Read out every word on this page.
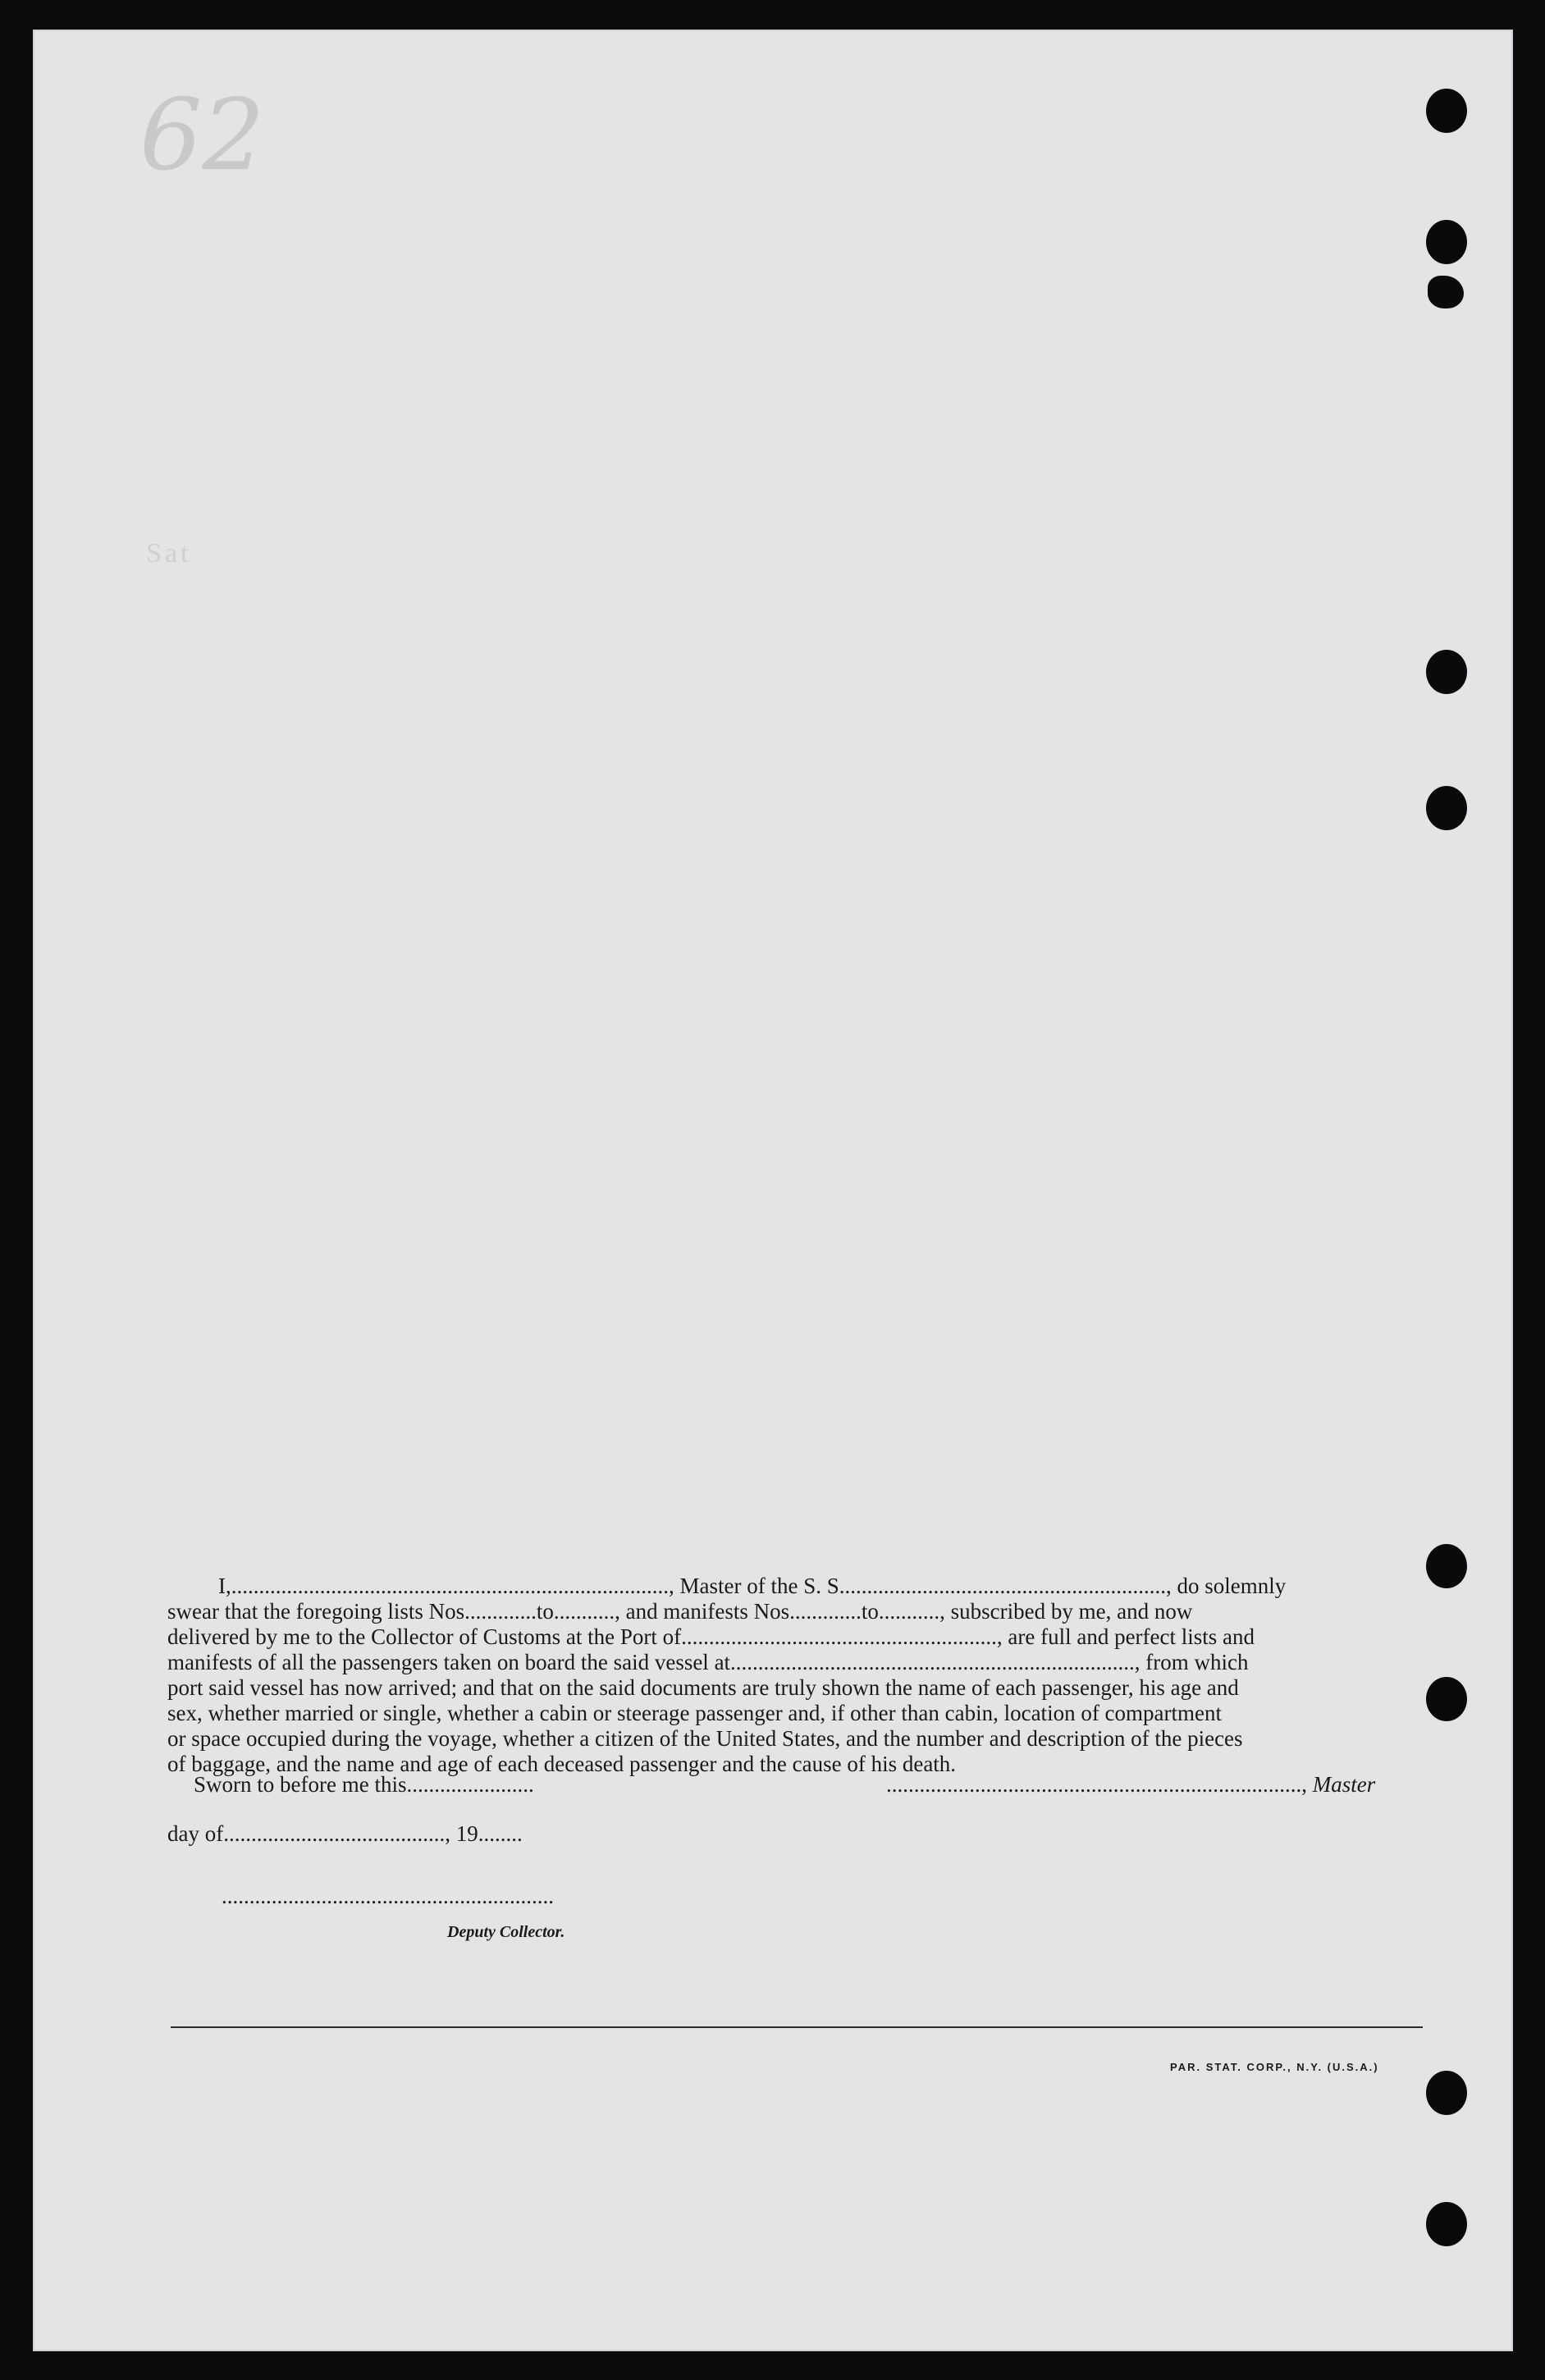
62
Sat

I,..............................................................................., Master of the S. S..........................................................., do solemnly

swear that the foregoing lists Nos.............to..........., and manifests Nos.............to..........., subscribed by me, and now

delivered by me to the Collector of Customs at the Port of........................................................., are full and perfect lists and

manifests of all the passengers taken on board the said vessel at........................................................................., from which

port said vessel has now arrived; and that on the said documents are truly shown the name of each passenger, his age and

sex, whether married or single, whether a cabin or steerage passenger and, if other than cabin, location of compartment

or space occupied during the voyage, whether a citizen of the United States, and the number and description of the pieces

of baggage, and the name and age of each deceased passenger and the cause of his death.

Sworn to before me this.......................	..........................................................................., Master
day of........................................, 19........
............................................................
Deputy Collector.
PAR. STAT. CORP., N.Y. (U.S.A.)
